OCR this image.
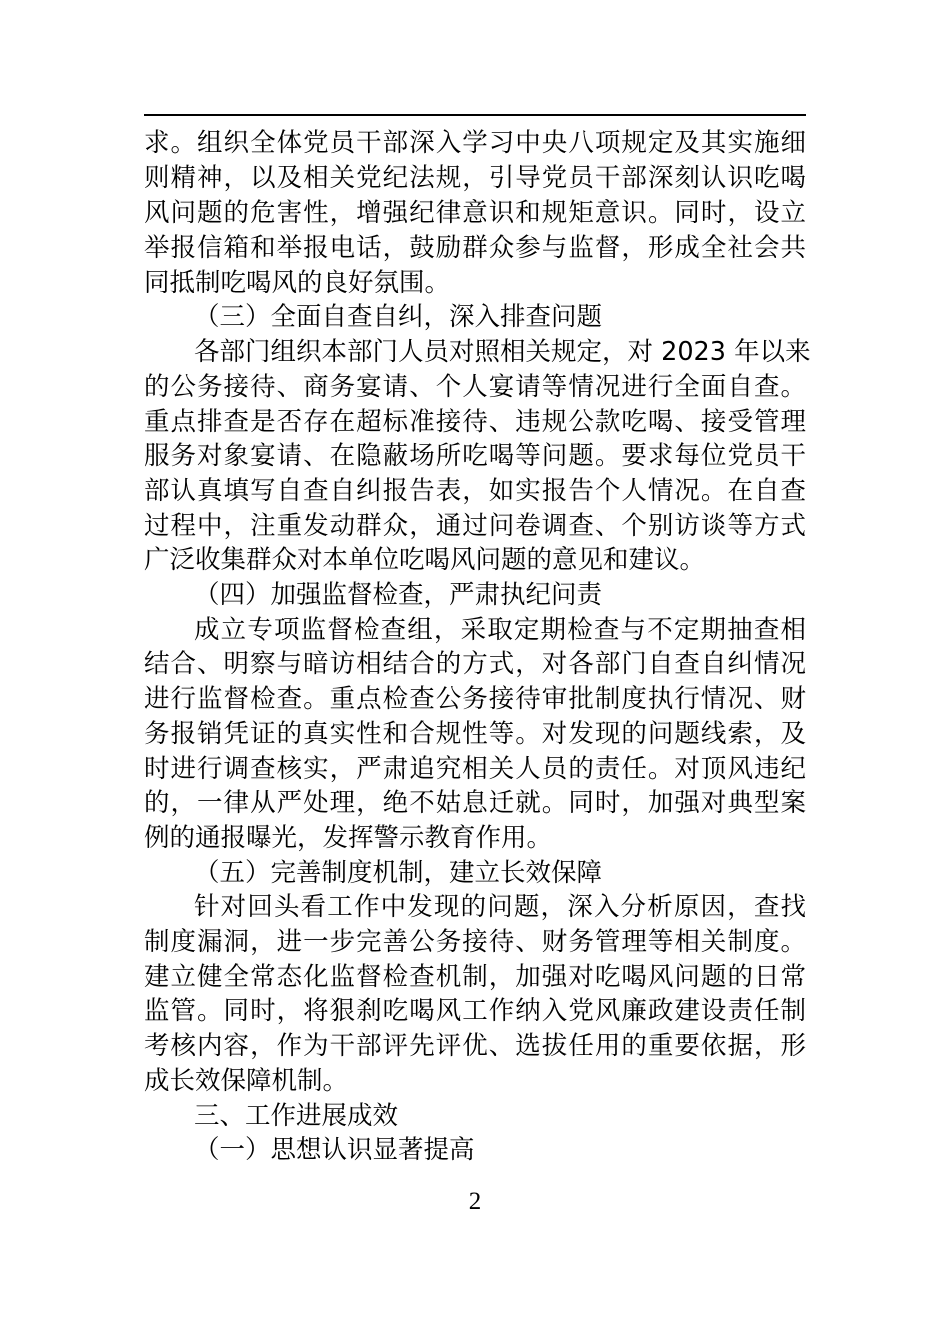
求。组织全体党员干部深入学习中央八项规定及其实施细
则精神，以及相关党纪法规，引导党员干部深刻认识吃喝
风问题的危害性，增强纪律意识和规矩意识。同时，设立
举报信箱和举报电话，鼓励群众参与监督，形成全社会共
同抵制吃喝风的良好氛围。
（三）全面自查自纠，深入排查问题
各部门组织本部门人员对照相关规定，对 2023 年以来
的公务接待、商务宴请、个人宴请等情况进行全面自查。
重点排查是否存在超标准接待、违规公款吃喝、接受管理
服务对象宴请、在隐蔽场所吃喝等问题。要求每位党员干
部认真填写自查自纠报告表，如实报告个人情况。在自查
过程中，注重发动群众，通过问卷调查、个别访谈等方式
广泛收集群众对本单位吃喝风问题的意见和建议。
（四）加强监督检查，严肃执纪问责
成立专项监督检查组，采取定期检查与不定期抽查相
结合、明察与暗访相结合的方式，对各部门自查自纠情况
进行监督检查。重点检查公务接待审批制度执行情况、财
务报销凭证的真实性和合规性等。对发现的问题线索，及
时进行调查核实，严肃追究相关人员的责任。对顶风违纪
的，一律从严处理，绝不姑息迁就。同时，加强对典型案
例的通报曝光，发挥警示教育作用。
（五）完善制度机制，建立长效保障
针对回头看工作中发现的问题，深入分析原因，查找
制度漏洞，进一步完善公务接待、财务管理等相关制度。
建立健全常态化监督检查机制，加强对吃喝风问题的日常
监管。同时，将狠刹吃喝风工作纳入党风廉政建设责任制
考核内容，作为干部评先评优、选拔任用的重要依据，形
成长效保障机制。
三、工作进展成效
（一）思想认识显著提高
2
